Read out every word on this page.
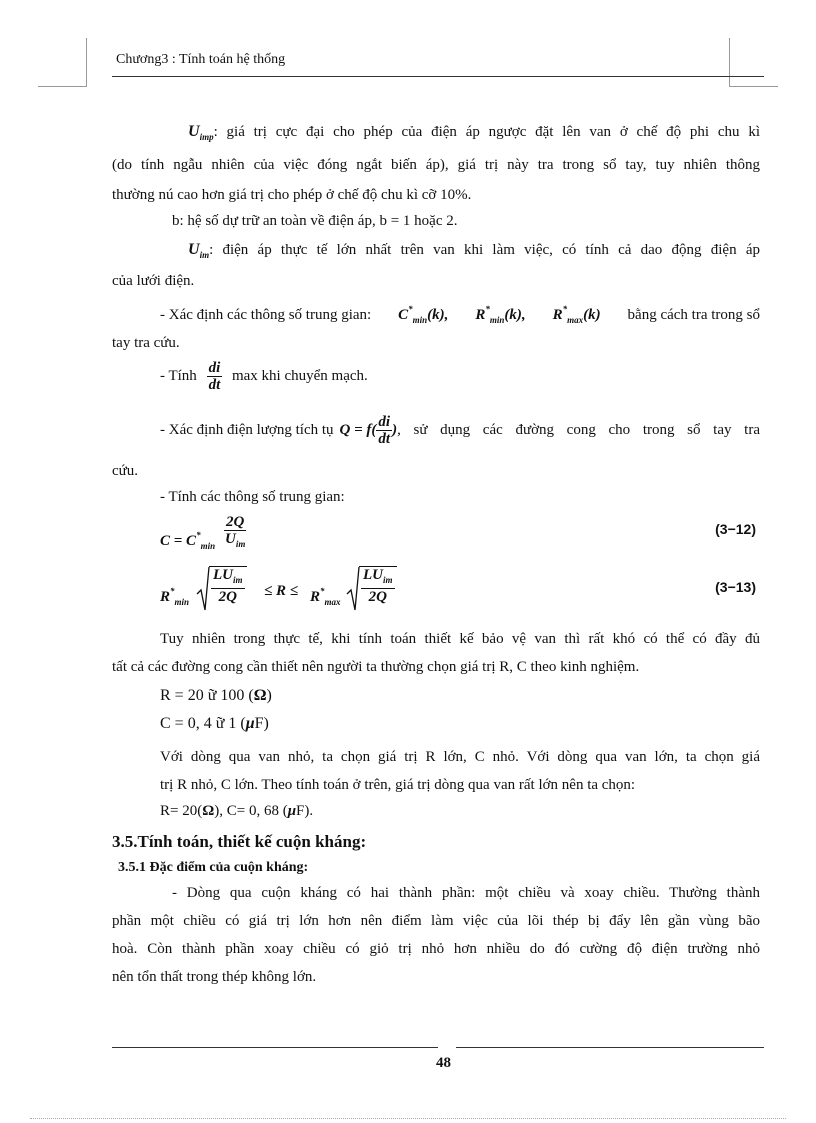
Chương3 : Tính toán hệ thống
$U_{imp}$: giá trị cực đại cho phép của điện áp ngược đặt lên van ở chế độ phi chu kì
(do tính ngẫu nhiên của việc đóng ngắt biến áp), giá trị này tra trong sổ tay, tuy nhiên thông
thường nú cao hơn giá trị cho phép ở chế độ chu kì cỡ 10%.
b: hệ số dự trữ an toàn về điện áp, b = 1 hoặc 2.
$U_{im}$: điện áp thực tế lớn nhất trên van khi làm việc, có tính cả dao động điện áp
của lưới điện.
- Xác định các thông số trung gian: $C^*_{min}(k)$, $R^*_{min}(k)$, $R^*_{max}(k)$ bằng cách tra trong sổ
tay tra cứu.
- Tính $\frac{di}{dt}$ max khi chuyển mạch.
- Xác định điện lượng tích tụ $Q = f( \frac{di}{dt}$ ) , sử dụng các đường cong cho trong sổ tay tra
cứu.
- Tính các thông số trung gian:
$C = C^*_{min}$
2Q
$U_{im}$
(3−12)
$R^*_{min}$
$LU_{im}$
2Q	≤ $R \le R^*_{max}$
$LU_{im}$
2Q
(3−13)
Tuy nhiên trong thực tế, khi tính toán thiết kế bảo vệ van thì rất khó có thể có đầy đủ
tất cả các đường cong cần thiết nên người ta thường chọn giá trị R, C theo kinh nghiệm.
R = 20 ữ 100 (Ω)
C = 0, 4 ữ 1 (μF)
Với dòng qua van nhỏ, ta chọn giá trị R lớn, C nhỏ. Với dòng qua van lớn, ta chọn giá
trị R nhỏ, C lớn. Theo tính toán ở trên, giá trị dòng qua van rất lớn nên ta chọn:
R= 20(Ω), C= 0, 68 (μF).
3.5.Tính toán, thiết kế cuộn kháng:
3.5.1 Đặc điểm của cuộn kháng:
- Dòng qua cuộn kháng có hai thành phần: một chiều và xoay chiều. Thường thành
phần một chiều có giá trị lớn hơn nên điểm làm việc của lõi thép bị đẩy lên gần vùng bão
hoà. Còn thành phần xoay chiều có giỏ trị nhỏ hơn nhiều do đó cường độ điện trường nhỏ
nên tổn thất trong thép không lớn.
48
